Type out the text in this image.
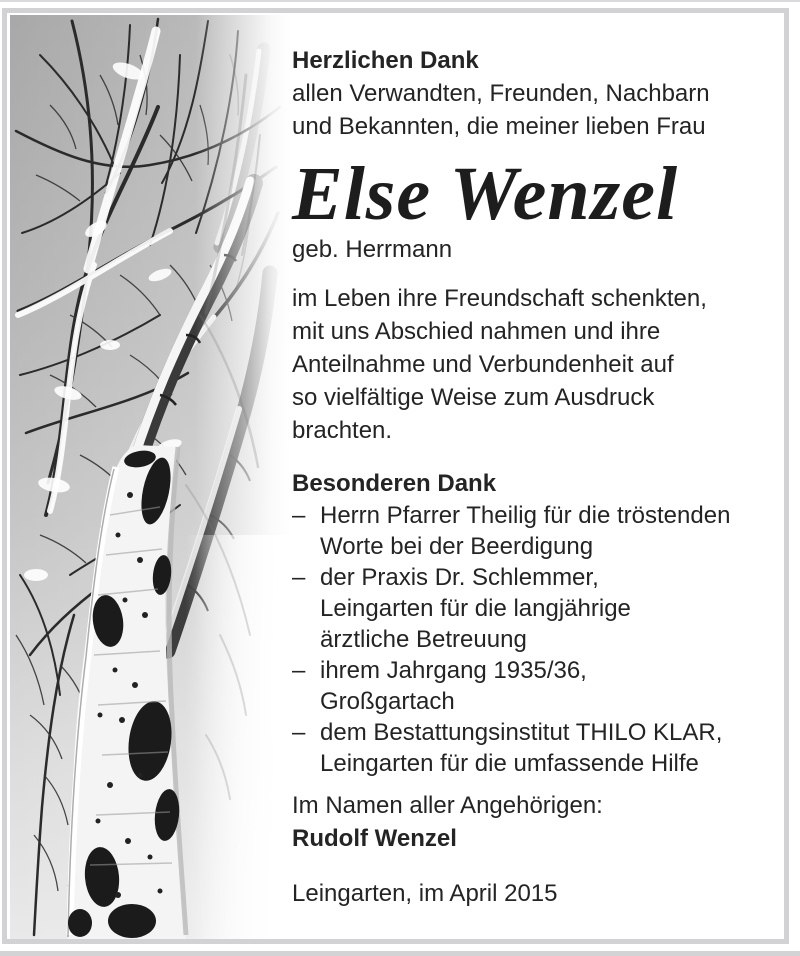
Herzlichen Dank
allen Verwandten, Freunden, Nachbarn
und Bekannten, die meiner lieben Frau
Else Wenzel
geb. Herrmann
im Leben ihre Freundschaft schenkten,
mit uns Abschied nahmen und ihre
Anteilnahme und Verbundenheit auf
so vielfältige Weise zum Ausdruck
brachten.
Besonderen Dank
– Herrn Pfarrer Theilig für die tröstenden
Worte bei der Beerdigung
– der Praxis Dr. Schlemmer,
Leingarten für die langjährige
ärztliche Betreuung
– ihrem Jahrgang 1935/36,
Großgartach
– dem Bestattungsinstitut THILO KLAR,
Leingarten für die umfassende Hilfe
Im Namen aller Angehörigen:
Rudolf Wenzel
Leingarten, im April 2015
